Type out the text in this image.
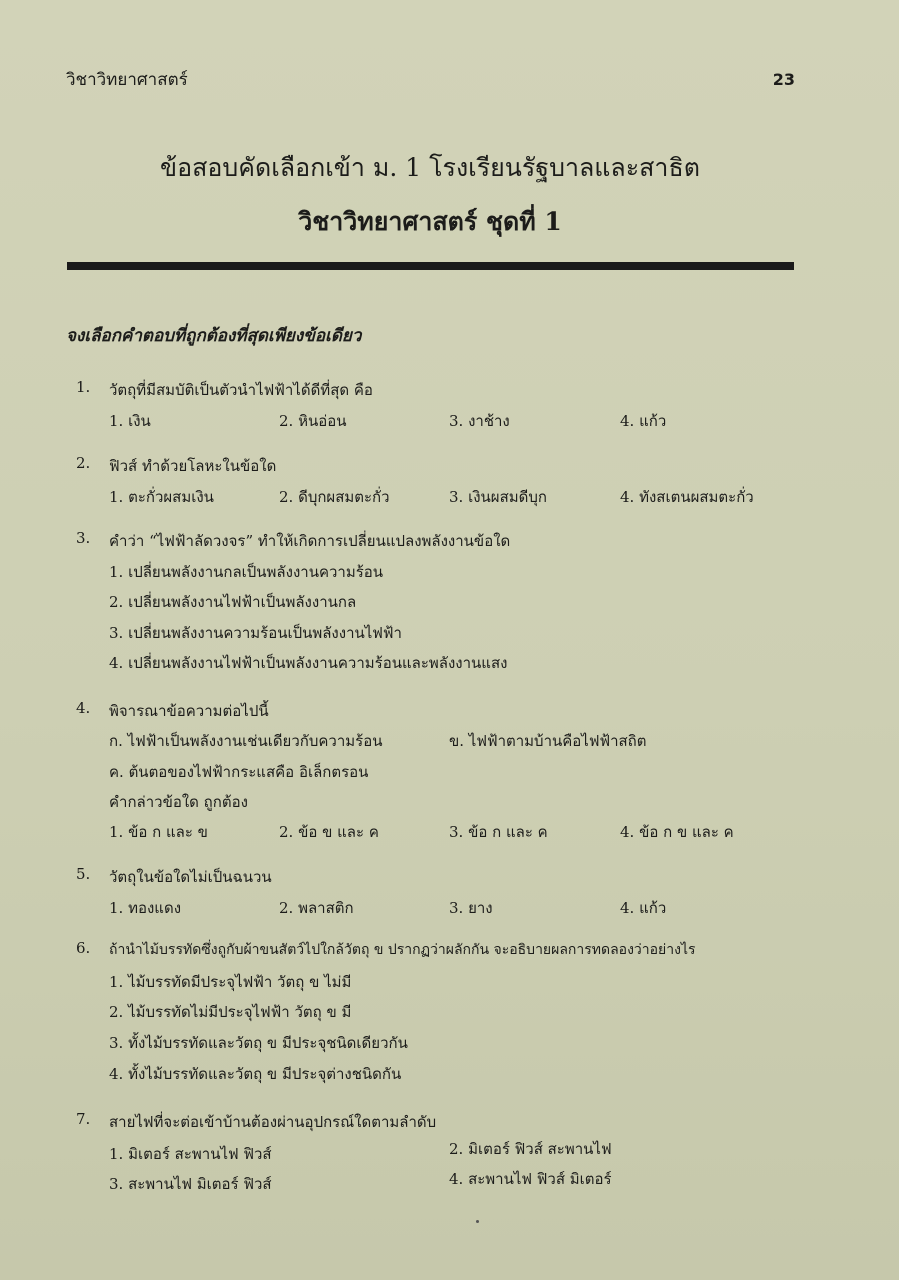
วิชาวิทยาศาสตร์	23
ข้อสอบคัดเลือกเข้า ม. 1 โรงเรียนรัฐบาลและสาธิต
วิชาวิทยาศาสตร์ ชุดที่ 1
จงเลือกคำตอบที่ถูกต้องที่สุดเพียงข้อเดียว
1. วัตถุที่มีสมบัติเป็นตัวนำไฟฟ้าได้ดีที่สุด คือ
1. เงิน	2. หินอ่อน	3. งาช้าง	4. แก้ว
2. ฟิวส์ ทำด้วยโลหะในข้อใด
1. ตะกั่วผสมเงิน	2. ดีบุกผสมตะกั่ว	3. เงินผสมดีบุก	4. ทังสเตนผสมตะกั่ว
3. คำว่า “ไฟฟ้าลัดวงจร” ทำให้เกิดการเปลี่ยนแปลงพลังงานข้อใด
1. เปลี่ยนพลังงานกลเป็นพลังงานความร้อน
2. เปลี่ยนพลังงานไฟฟ้าเป็นพลังงานกล
3. เปลี่ยนพลังงานความร้อนเป็นพลังงานไฟฟ้า
4. เปลี่ยนพลังงานไฟฟ้าเป็นพลังงานความร้อนและพลังงานแสง
4. พิจารณาข้อความต่อไปนี้
ก. ไฟฟ้าเป็นพลังงานเช่นเดียวกับความร้อน	ข. ไฟฟ้าตามบ้านคือไฟฟ้าสถิต
ค. ต้นตอของไฟฟ้ากระแสคือ อิเล็กตรอน
คำกล่าวข้อใด ถูกต้อง
1. ข้อ ก และ ข	2. ข้อ ข และ ค	3. ข้อ ก และ ค	4. ข้อ ก ข และ ค
5. วัตถุในข้อใดไม่เป็นฉนวน
1. ทองแดง	2. พลาสติก	3. ยาง	4. แก้ว
6. ถ้านำไม้บรรทัดซึ่งถูกับผ้าขนสัตว์ไปใกล้วัตถุ ข ปรากฏว่าผลักกัน จะอธิบายผลการทดลองว่าอย่างไร
1. ไม้บรรทัดมีประจุไฟฟ้า วัตถุ ข ไม่มี
2. ไม้บรรทัดไม่มีประจุไฟฟ้า วัตถุ ข มี
3. ทั้งไม้บรรทัดและวัตถุ ข มีประจุชนิดเดียวกัน
4. ทั้งไม้บรรทัดและวัตถุ ข มีประจุต่างชนิดกัน
7. สายไฟที่จะต่อเข้าบ้านต้องผ่านอุปกรณ์ใดตามลำดับ
1. มิเตอร์ สะพานไฟ ฟิวส์	2. มิเตอร์ ฟิวส์ สะพานไฟ
3. สะพานไฟ มิเตอร์ ฟิวส์	4. สะพานไฟ ฟิวส์ มิเตอร์
